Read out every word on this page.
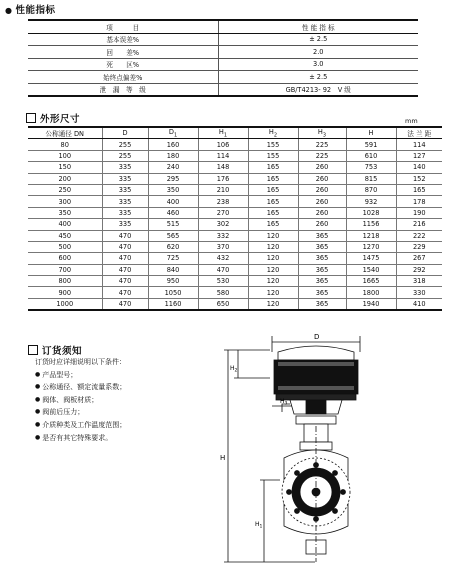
● 性能指标
项　　　目	性 能 指 标
基本误差%	± 2.5
回　　差%	2.0
死　　区%	3.0
始终点偏差%	± 2.5
泄　漏　等　级	GB/T4213- 92　V 级
外形尺寸	mm
公称通径 DN	D	$D_1$	$H_1$	$H_2$	$H_3$	H	法 兰 距
80	255	160	106	155	225	591	114
100	255	180	114	155	225	610	127
150	335	240	148	165	260	753	140
200	335	295	176	165	260	815	152
250	335	350	210	165	260	870	165
300	335	400	238	165	260	932	178
350	335	460	270	165	260	1028	190
400	335	515	302	165	260	1156	216
450	470	565	332	120	365	1218	222
500	470	620	370	120	365	1270	229
600	470	725	432	120	365	1475	267
700	470	840	470	120	365	1540	292
800	470	950	530	120	365	1665	318
900	470	1050	580	120	365	1800	330
1000	470	1160	650	120	365	1940	410
订货须知
订货时应详细说明以下条件：
● 产品型号；
● 公称通径、额定流量系数；
● 阀体、阀板材质；
● 阀前后压力；
● 介质种类及工作温度范围；
● 是否有其它特殊要求。
D
H
$H_2$
$H_3$
$H_1$
